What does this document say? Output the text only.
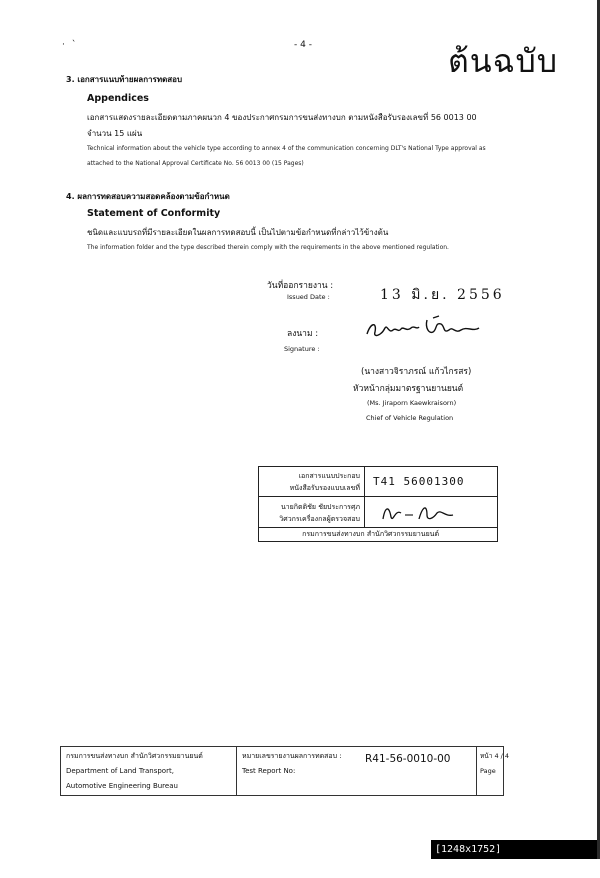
· `	- 4 -	ต้นฉบับ
3. เอกสารแนบท้ายผลการทดสอบ
Appendices
เอกสารแสดงรายละเอียดตามภาคผนวก 4 ของประกาศกรมการขนส่งทางบก ตามหนังสือรับรองเลขที่ 56 0013 00
จำนวน 15 แผ่น
Technical information about the vehicle type according to annex 4 of the communication concerning DLT's National Type approval as
attached to the National Approval Certificate No. 56 0013 00 (15 Pages)
4. ผลการทดสอบความสอดคล้องตามข้อกำหนด
Statement of Conformity
ชนิดและแบบรถที่มีรายละเอียดในผลการทดสอบนี้ เป็นไปตามข้อกำหนดที่กล่าวไว้ข้างต้น
The information folder and the type described therein comply with the requirements in the above mentioned regulation.
วันที่ออกรายงาน :
Issued Date :	13 มิ.ย. 2556
ลงนาม :
Signature :
(นางสาวจิราภรณ์ แก้วไกรสร)
หัวหน้ากลุ่มมาตรฐานยานยนต์
(Ms. Jiraporn Kaewkraisorn)
Chief of Vehicle Regulation
เอกสารแนบประกอบ
หนังสือรับรองแบบเลขที่ T41 56001300
นายกิตติชัย ชัยประการศุภ
วิศวกรเครื่องกลผู้ตรวจสอบ
กรมการขนส่งทางบก สำนักวิศวกรรมยานยนต์
กรมการขนส่งทางบก สำนักวิศวกรรมยานยนต์
Department of Land Transport,
Automotive Engineering Bureau
หมายเลขรายงานผลการทดสอบ :
Test Report No:
R41-56-0010-00	หน้า 4 / 4
Page
[1248x1752] https://upic.me/
